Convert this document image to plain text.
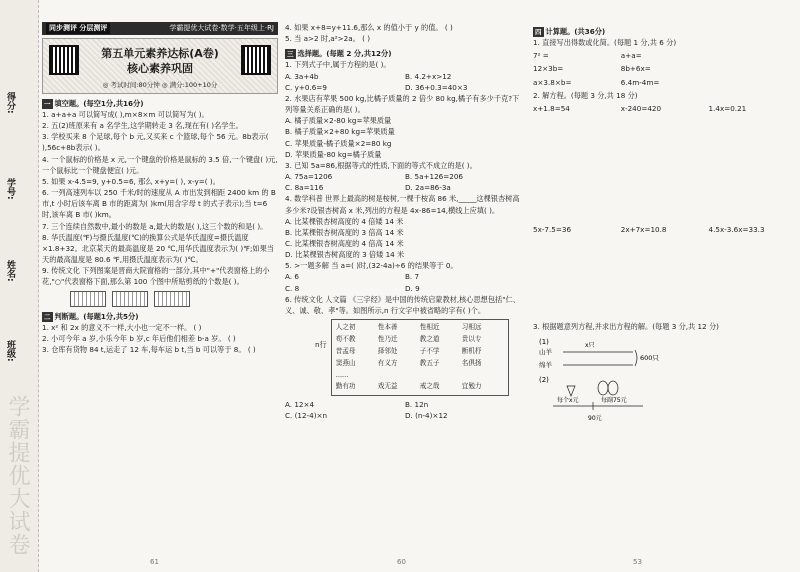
得分:
学号:
姓名:
班级:
学霸提优大试卷
同步测评 分层测评	学霸提优大试卷·数学·五年级上·RJ
第五单元素养达标(A卷)
核心素养巩固
◎ 考试时间:80分钟 ◎ 满分:100+10分
一 填空题。(每空1分,共16分)

1. a+a+a 可以简写成( ),m×8×m 可以简写为( )。

2. 五(2)班原来有 a 名学生,这学期转走 3 名,现在有( )名学生。

3. 学校买来 8 个足球,每个 b 元,又买来 c 个篮球,每个 56 元。8b表示( ),56c+8b表示( )。

4. 一个鼠标的价格是 x 元,一个键盘的价格是鼠标的 3.5 倍,一个键盘( )元,一个鼠标比一个键盘便宜( )元。

5. 如果 x-4.5=9, y+0.5=6, 那么 x+y=( ), x-y=( )。

6. 一列高速列车以 250 千米/时的速度从 A 市出发到相距 2400 km 的 B 市,t 小时后该车离 B 市的距离为( )km(用含字母 t 的式子表示);当 t=6 时,该车离 B 市( )km。

7. 三个连续自然数中,最小的数是 a,最大的数是( ),这三个数的和是( )。

8. 华氏温度(℉)与摄氏温度(℃)的换算公式是华氏温度=摄氏温度×1.8+32。北京某天的最高温度是 20 ℃,用华氏温度表示为( )℉;如果当天的最高温度是 80.6 ℉,用摄氏温度表示为( )℃。

9. 传统文化 下列图案是晋商大院窗格的一部分,其中"+"代表窗格上的小花,"○"代表窗格下面,那么第 100 个图中所贴剪纸的个数是( )。

二 判断题。(每题1分,共5分)

1. x² 和 2x 的意义不一样,大小也一定不一样。 ( )

2. 小可今年 a 岁,小乐今年 b 岁,c 年后他们相差 b-a 岁。 ( )

3. 仓库有货物 84 t,运走了 12 车,每车运 b t,当 b 可以等于 8。 ( )

61

4. 如果 x+8=y+11.6,那么 x 的值小于 y 的值。 ( )

5. 当 a>2 时,a²>2a。 ( )

三 选择题。(每题 2 分,共12分)

1. 下列式子中,属于方程的是( )。

A. 3a+4b	B. 4.2+x>12
C. y+0.6=9	D. 36+0.3=40×3

2. 水果店有苹果 500 kg,比橘子质量的 2 倍少 80 kg,橘子有多少千克?下列等量关系正确的是( )。

A. 橘子质量×2-80 kg=苹果质量
B. 橘子质量×2+80 kg=苹果质量
C. 苹果质量-橘子质量×2=80 kg
D. 苹果质量-80 kg=橘子质量

3. 已知 5a=86,根据等式的性质,下面的等式不成立的是( )。

A. 75a=1206	B. 5a+126=206
C. 8a=116	D. 2a=86-3a

4. 数学科普 世界上最高的树是桉树,一棵千桉高 86 米,_____这棵银杏树高多少米?设银杏树高 x 米,列出的方程是 4x-86=14,横线上应填( )。

A. 比某棵银杏树高度的 4 倍矮 14 米
B. 比某棵银杏树高度的 3 倍高 14 米
C. 比某棵银杏树高度的 4 倍高 14 米
D. 比某棵银杏树高度的 3 倍矮 14 米

5. >一题多解 当 a=( )时,(32-4a)÷6 的结果等于 0。

A. 6	B. 7
C. 8	D. 9

6. 传统文化 人文篇 《三字经》是中国的传统启蒙教材,核心思想包括"仁、义、诚、敬、孝"等。如图所示,n 行文字中被省略的字有( )个。

n行
人之初	性本善	性相近	习相远
苟不教	性乃迁	教之道	贵以专
昔孟母	择邻处	子不学	断机杼
窦燕山	有义方	教五子	名俱扬
......
勤有功	戏无益	戒之哉	宜勉力
A. 12×4	B. 12n
C. (12-4)×n	D. (n-4)×12
60
四 计算题。(共36分)

1. 直接写出得数或化简。(每题 1 分,共 6 分)

7² =	a+a=
12×3b=	8b+6x=
a×3.8×b=	6.4m-4m=

2. 解方程。(每题 3 分,共 18 分)

x+1.8=54	x-240=420	1.4x=0.21
5x-7.5=36	2x+7x=10.8	4.5x-3.6x=33.3

3. 根据题意列方程,并求出方程的解。(每题 3 分,共 12 分)

(1)
山羊
绵羊
x只
600只
(2)
每个x元	每副75元
90元
53
